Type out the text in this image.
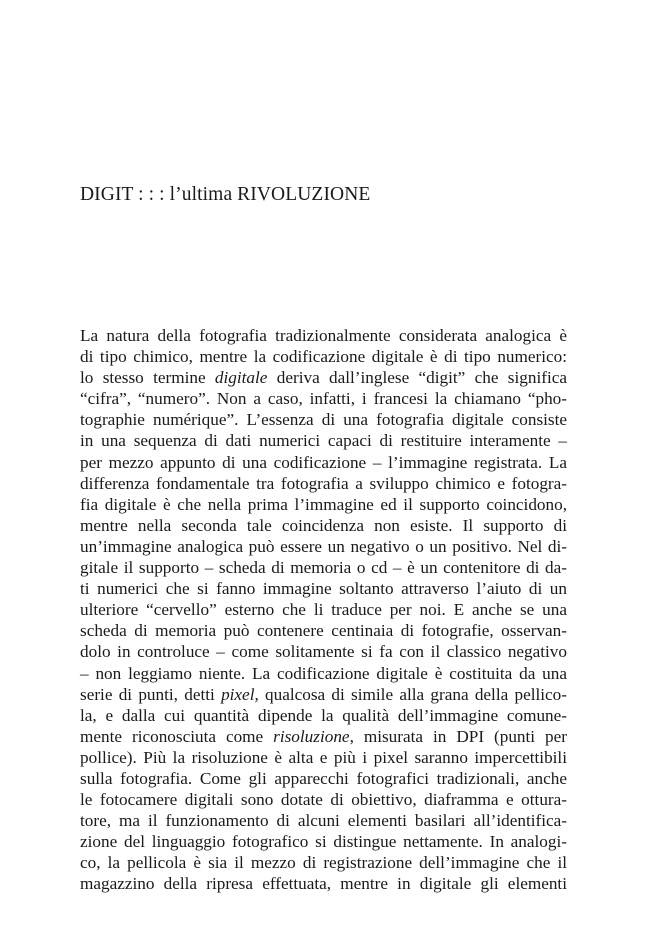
DIGIT : : : l’ultima RIVOLUZIONE
La natura della fotografia tradizionalmente considerata analogica è
di tipo chimico, mentre la codificazione digitale è di tipo numerico:
lo stesso termine digitale deriva dall’inglese “digit” che significa
“cifra”, “numero”. Non a caso, infatti, i francesi la chiamano “pho-
tographie numérique”. L’essenza di una fotografia digitale consiste
in una sequenza di dati numerici capaci di restituire interamente –
per mezzo appunto di una codificazione – l’immagine registrata. La
differenza fondamentale tra fotografia a sviluppo chimico e fotogra-
fia digitale è che nella prima l’immagine ed il supporto coincidono,
mentre nella seconda tale coincidenza non esiste. Il supporto di
un’immagine analogica può essere un negativo o un positivo. Nel di-
gitale il supporto – scheda di memoria o cd – è un contenitore di da-
ti numerici che si fanno immagine soltanto attraverso l’aiuto di un
ulteriore “cervello” esterno che li traduce per noi. E anche se una
scheda di memoria può contenere centinaia di fotografie, osservan-
dolo in controluce – come solitamente si fa con il classico negativo
– non leggiamo niente. La codificazione digitale è costituita da una
serie di punti, detti pixel, qualcosa di simile alla grana della pellico-
la, e dalla cui quantità dipende la qualità dell’immagine comune-
mente riconosciuta come risoluzione, misurata in DPI (punti per
pollice). Più la risoluzione è alta e più i pixel saranno impercettibili
sulla fotografia. Come gli apparecchi fotografici tradizionali, anche
le fotocamere digitali sono dotate di obiettivo, diaframma e ottura-
tore, ma il funzionamento di alcuni elementi basilari all’identifica-
zione del linguaggio fotografico si distingue nettamente. In analogi-
co, la pellicola è sia il mezzo di registrazione dell’immagine che il
magazzino della ripresa effettuata, mentre in digitale gli elementi
